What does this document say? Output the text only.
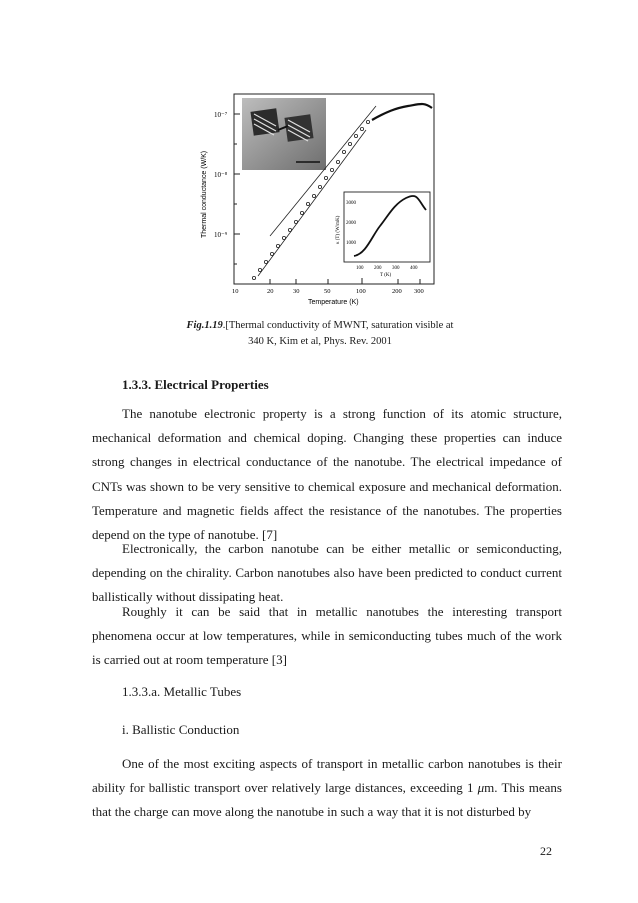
10⁻⁷
10⁻⁸
10⁻⁹
10	20	30	50	100	200 300
Temperature (K)
Thermal conductance (W/K)	3000
2000
1000
100 200 300 400
T (K)
κ (T) (W/mK)
Fig.1.19.[Thermal conductivity of MWNT, saturation visible at 340 K, Kim et al, Phys. Rev. 2001
1.3.3. Electrical Properties

The nanotube electronic property is a strong function of its atomic structure, mechanical deformation and chemical doping. Changing these properties can induce strong changes in electrical conductance of the nanotube. The electrical impedance of CNTs was shown to be very sensitive to chemical exposure and mechanical deformation. Temperature and magnetic fields affect the resistance of the nanotubes. The properties depend on the type of nanotube. [7]

Electronically, the carbon nanotube can be either metallic or semiconducting, depending on the chirality. Carbon nanotubes also have been predicted to conduct current ballistically without dissipating heat.

Roughly it can be said that in metallic nanotubes the interesting transport phenomena occur at low temperatures, while in semiconducting tubes much of the work is carried out at room temperature [3]

1.3.3.a. Metallic Tubes
i. Ballistic Conduction

One of the most exciting aspects of transport in metallic carbon nanotubes is their ability for ballistic transport over relatively large distances, exceeding 1 μm. This means that the charge can move along the nanotube in such a way that it is not disturbed by

22
